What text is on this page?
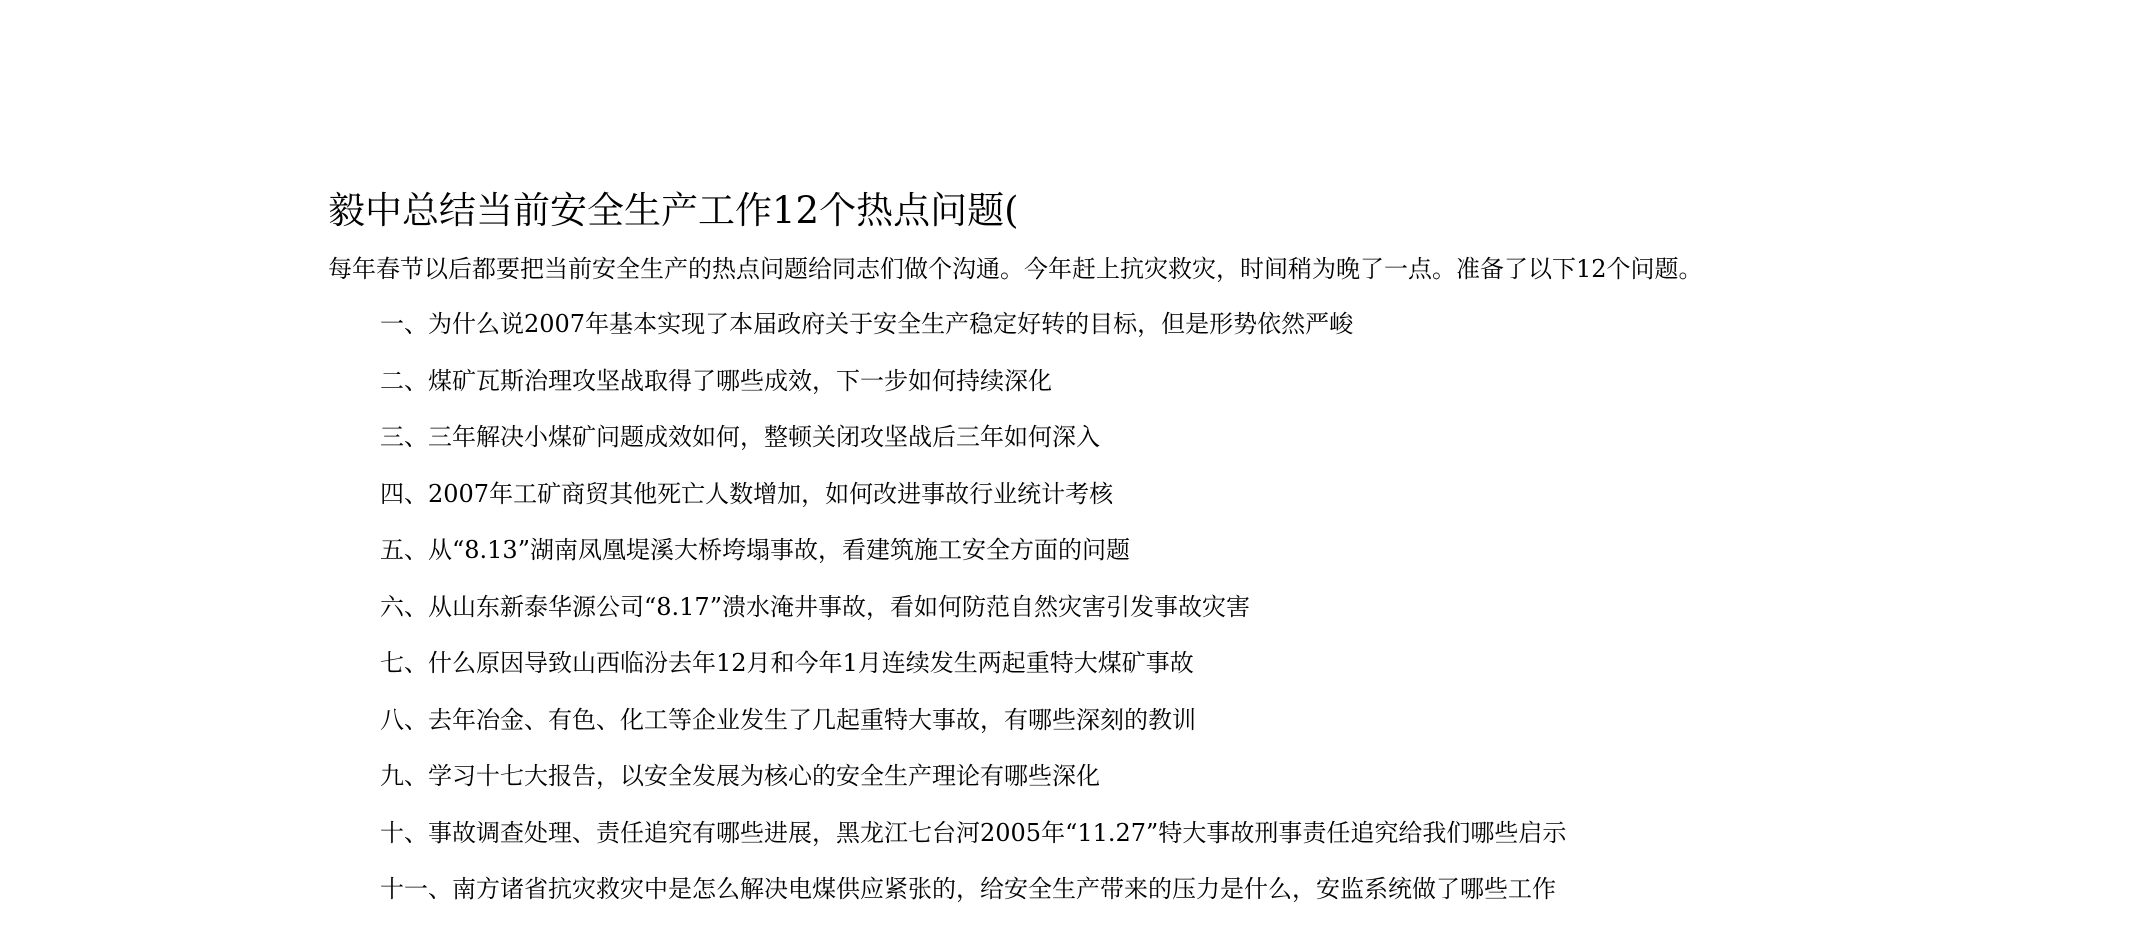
毅中总结当前安全生产工作12个热点问题(
每年春节以后都要把当前安全生产的热点问题给同志们做个沟通。今年赶上抗灾救灾，时间稍为晚了一点。准备了以下12个问题。
一、为什么说2007年基本实现了本届政府关于安全生产稳定好转的目标，但是形势依然严峻
二、煤矿瓦斯治理攻坚战取得了哪些成效，下一步如何持续深化
三、三年解决小煤矿问题成效如何，整顿关闭攻坚战后三年如何深入
四、2007年工矿商贸其他死亡人数增加，如何改进事故行业统计考核
五、从“8.13”湖南凤凰堤溪大桥垮塌事故，看建筑施工安全方面的问题
六、从山东新泰华源公司“8.17”溃水淹井事故，看如何防范自然灾害引发事故灾害
七、什么原因导致山西临汾去年12月和今年1月连续发生两起重特大煤矿事故
八、去年冶金、有色、化工等企业发生了几起重特大事故，有哪些深刻的教训
九、学习十七大报告，以安全发展为核心的安全生产理论有哪些深化
十、事故调查处理、责任追究有哪些进展，黑龙江七台河2005年“11.27”特大事故刑事责任追究给我们哪些启示
十一、南方诸省抗灾救灾中是怎么解决电煤供应紧张的，给安全生产带来的压力是什么，安监系统做了哪些工作
